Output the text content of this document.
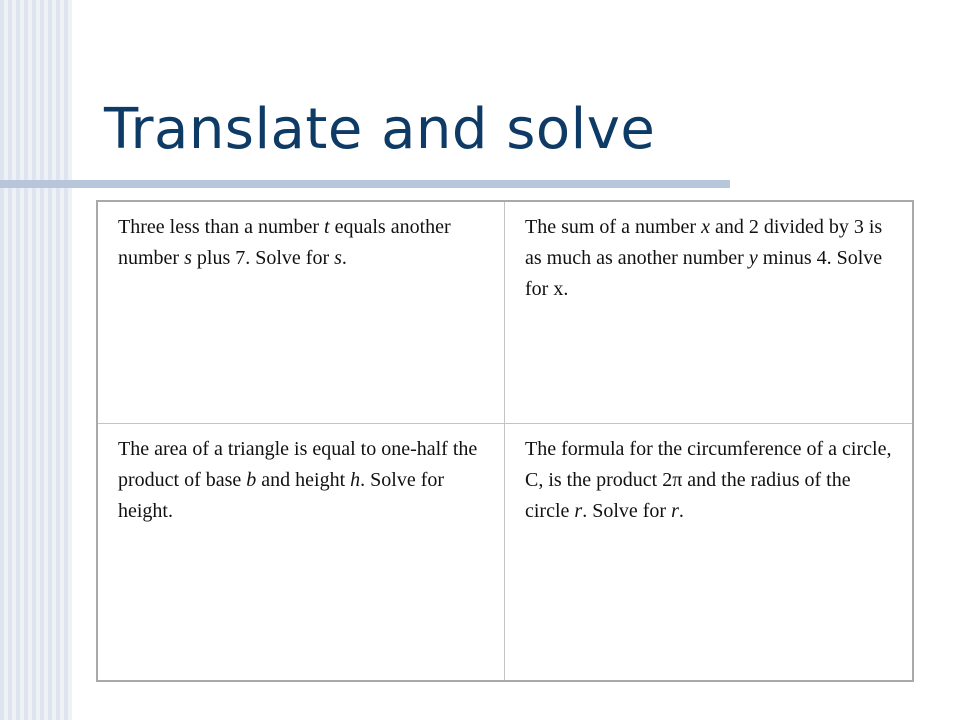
Translate and solve
Three less than a number t equals another number s plus 7. Solve for s.
The sum of a number x and 2 divided by 3 is as much as another number y minus 4. Solve for x.
The area of a triangle is equal to one-half the product of base b and height h. Solve for height.
The formula for the circumference of a circle, C, is the product 2π and the radius of the circle r. Solve for r.
